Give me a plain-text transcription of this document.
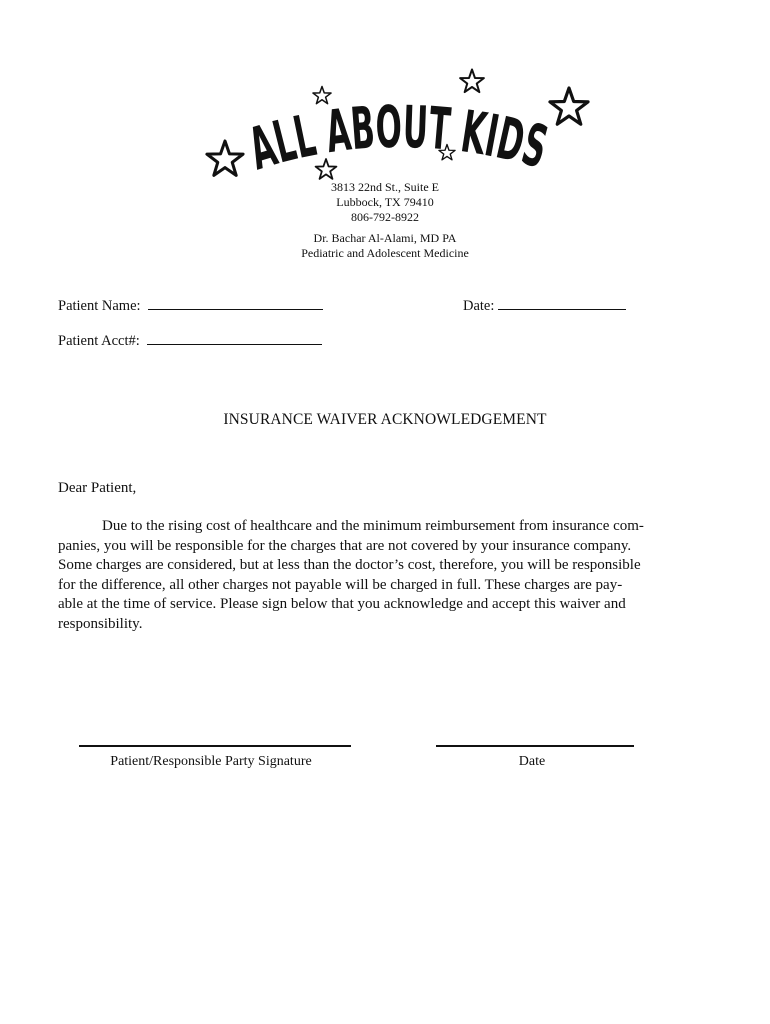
ALL ABOUT KIDS
3813 22nd St., Suite E
Lubbock, TX 79410
806-792-8922
Dr. Bachar Al-Alami, MD PA
Pediatric and Adolescent Medicine
Patient Name:	Date:
Patient Acct#:
INSURANCE WAIVER ACKNOWLEDGEMENT
Dear Patient,
Due to the rising cost of healthcare and the minimum reimbursement from insurance com-
panies, you will be responsible for the charges that are not covered by your insurance company.
Some charges are considered, but at less than the doctor’s cost, therefore, you will be responsible
for the difference, all other charges not payable will be charged in full. These charges are pay-
able at the time of service. Please sign below that you acknowledge and accept this waiver and
responsibility.
Patient/Responsible Party Signature	Date
